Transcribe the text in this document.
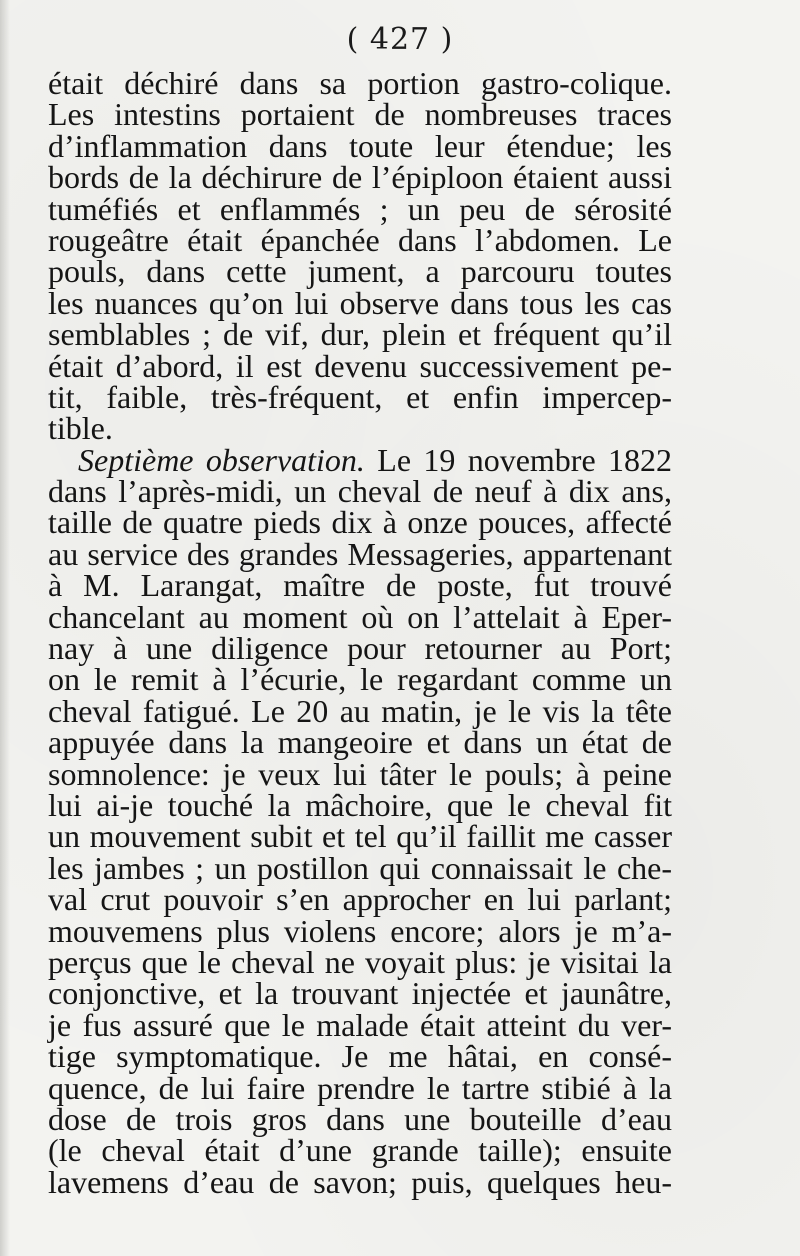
( 427 )
était déchiré dans sa portion gastro-colique.
Les intestins portaient de nombreuses traces
d’inflammation dans toute leur étendue; les
bords de la déchirure de l’épiploon étaient aussi
tuméfiés et enflammés ; un peu de sérosité
rougeâtre était épanchée dans l’abdomen. Le
pouls, dans cette jument, a parcouru toutes
les nuances qu’on lui observe dans tous les cas
semblables ; de vif, dur, plein et fréquent qu’il
était d’abord, il est devenu successivement pe-
tit, faible, très-fréquent, et enfin impercep-
tible.
Septième observation. Le 19 novembre 1822
dans l’après-midi, un cheval de neuf à dix ans,
taille de quatre pieds dix à onze pouces, affecté
au service des grandes Messageries, appartenant
à M. Larangat, maître de poste, fut trouvé
chancelant au moment où on l’attelait à Eper-
nay à une diligence pour retourner au Port;
on le remit à l’écurie, le regardant comme un
cheval fatigué. Le 20 au matin, je le vis la tête
appuyée dans la mangeoire et dans un état de
somnolence: je veux lui tâter le pouls; à peine
lui ai-je touché la mâchoire, que le cheval fit
un mouvement subit et tel qu’il faillit me casser
les jambes ; un postillon qui connaissait le che-
val crut pouvoir s’en approcher en lui parlant;
mouvemens plus violens encore; alors je m’a-
perçus que le cheval ne voyait plus: je visitai la
conjonctive, et la trouvant injectée et jaunâtre,
je fus assuré que le malade était atteint du ver-
tige symptomatique. Je me hâtai, en consé-
quence, de lui faire prendre le tartre stibié à la
dose de trois gros dans une bouteille d’eau
(le cheval était d’une grande taille); ensuite
lavemens d’eau de savon; puis, quelques heu-
